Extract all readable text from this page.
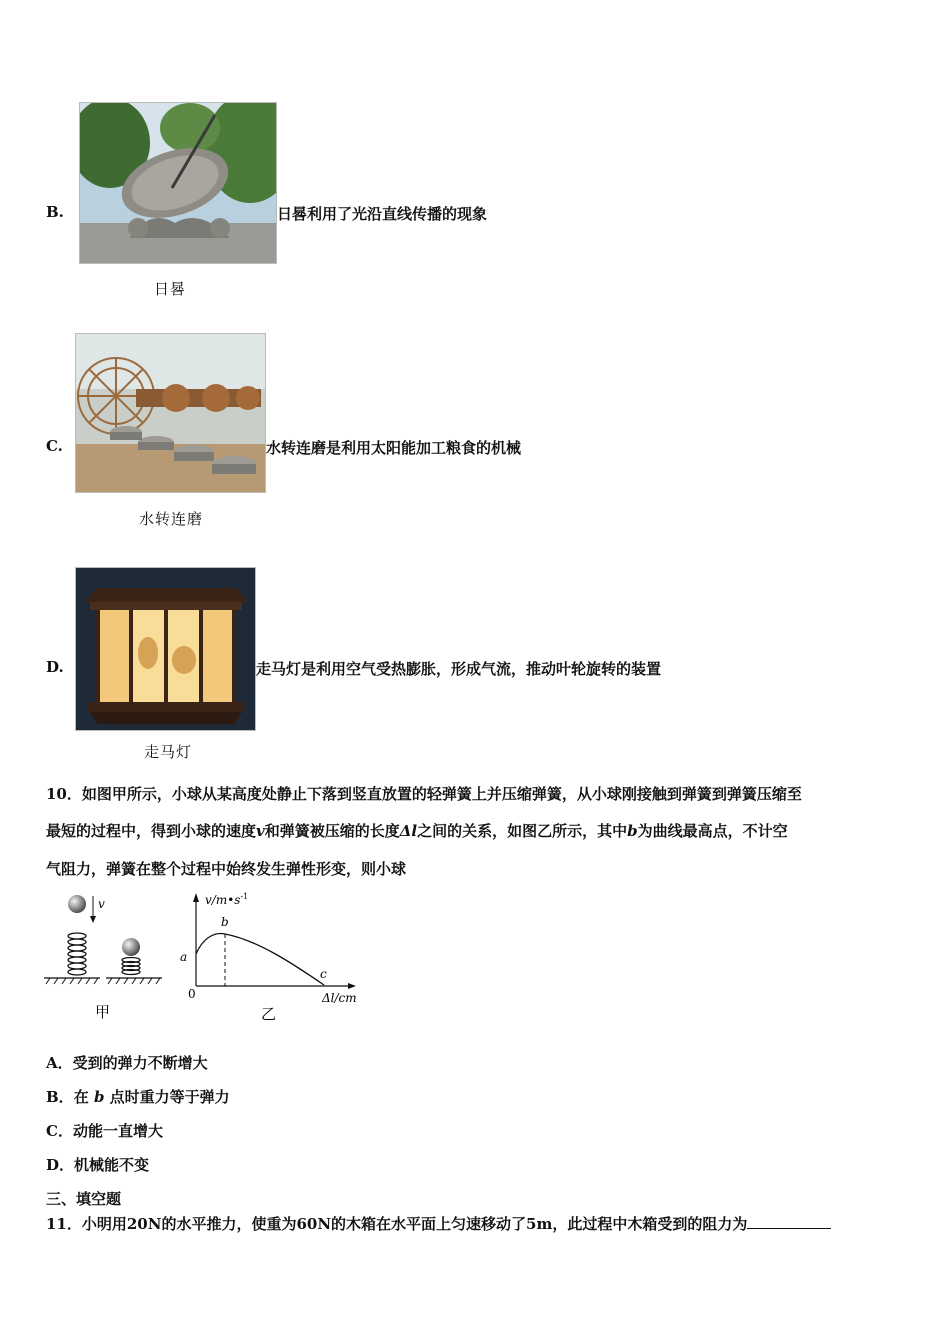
B.	日晷利用了光沿直线传播的现象
日晷
C.	水转连磨是利用太阳能加工粮食的机械
水转连磨
D.	走马灯是利用空气受热膨胀，形成气流，推动叶轮旋转的装置
走马灯
10．如图甲所示，小球从某高度处静止下落到竖直放置的轻弹簧上并压缩弹簧，从小球刚接触到弹簧到弹簧压缩至
最短的过程中，得到小球的速度v和弹簧被压缩的长度Δl之间的关系，如图乙所示，其中b为曲线最高点，不计空
气阻力，弹簧在整个过程中始终发生弹性形变，则小球
v
甲
$v/m•s^{-1}$
Δl/cm
0
a
b
c
乙
A．受到的弹力不断增大
B．在 b 点时重力等于弹力
C．动能一直增大
D．机械能不变
三、填空题
11．小明用20N的水平推力，使重为60N的木箱在水平面上匀速移动了5m，此过程中木箱受到的阻力为
